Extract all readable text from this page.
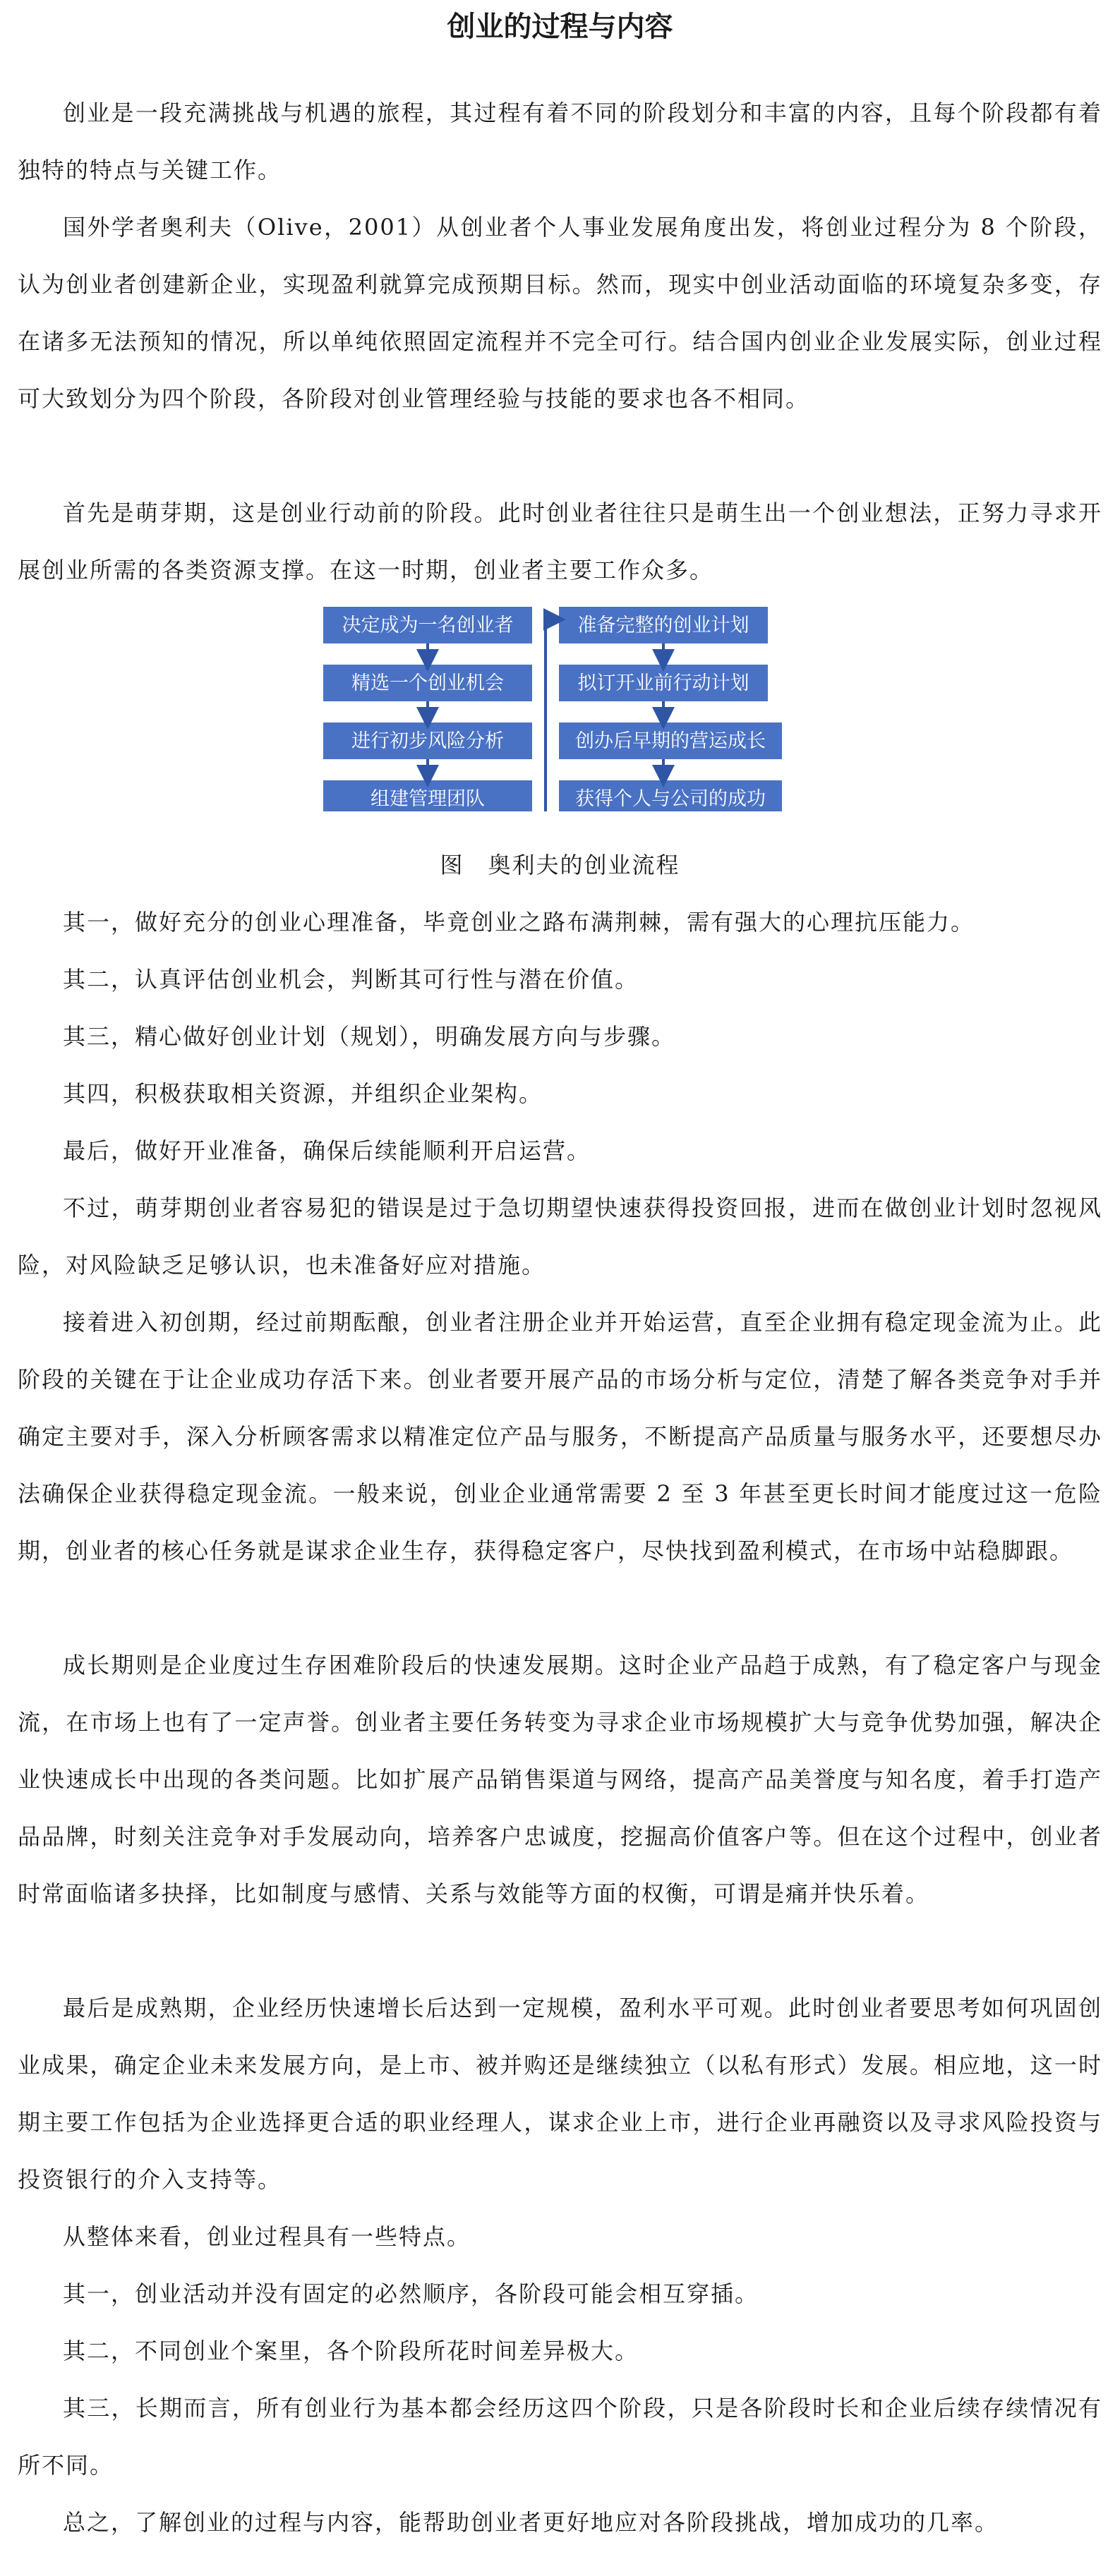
创业的过程与内容

创业是一段充满挑战与机遇的旅程，其过程有着不同的阶段划分和丰富的内容，且每个阶段都有着独特的特点与关键工作。

国外学者奥利夫（Olive，2001）从创业者个人事业发展角度出发，将创业过程分为 8 个阶段，认为创业者创建新企业，实现盈利就算完成预期目标。然而，现实中创业活动面临的环境复杂多变，存在诸多无法预知的情况，所以单纯依照固定流程并不完全可行。结合国内创业企业发展实际，创业过程可大致划分为四个阶段，各阶段对创业管理经验与技能的要求也各不相同。

首先是萌芽期，这是创业行动前的阶段。此时创业者往往只是萌生出一个创业想法，正努力寻求开展创业所需的各类资源支撑。在这一时期，创业者主要工作众多。

决定成为一名创业者
精选一个创业机会
进行初步风险分析
组建管理团队
准备完整的创业计划
拟订开业前行动计划
创办后早期的营运成长
获得个人与公司的成功

图　奥利夫的创业流程

其一，做好充分的创业心理准备，毕竟创业之路布满荆棘，需有强大的心理抗压能力。

其二，认真评估创业机会，判断其可行性与潜在价值。

其三，精心做好创业计划（规划），明确发展方向与步骤。

其四，积极获取相关资源，并组织企业架构。

最后，做好开业准备，确保后续能顺利开启运营。

不过，萌芽期创业者容易犯的错误是过于急切期望快速获得投资回报，进而在做创业计划时忽视风险，对风险缺乏足够认识，也未准备好应对措施。

接着进入初创期，经过前期酝酿，创业者注册企业并开始运营，直至企业拥有稳定现金流为止。此阶段的关键在于让企业成功存活下来。创业者要开展产品的市场分析与定位，清楚了解各类竞争对手并确定主要对手，深入分析顾客需求以精准定位产品与服务，不断提高产品质量与服务水平，还要想尽办法确保企业获得稳定现金流。一般来说，创业企业通常需要 2 至 3 年甚至更长时间才能度过这一危险期，创业者的核心任务就是谋求企业生存，获得稳定客户，尽快找到盈利模式，在市场中站稳脚跟。

成长期则是企业度过生存困难阶段后的快速发展期。这时企业产品趋于成熟，有了稳定客户与现金流，在市场上也有了一定声誉。创业者主要任务转变为寻求企业市场规模扩大与竞争优势加强，解决企业快速成长中出现的各类问题。比如扩展产品销售渠道与网络，提高产品美誉度与知名度，着手打造产品品牌，时刻关注竞争对手发展动向，培养客户忠诚度，挖掘高价值客户等。但在这个过程中，创业者时常面临诸多抉择，比如制度与感情、关系与效能等方面的权衡，可谓是痛并快乐着。

最后是成熟期，企业经历快速增长后达到一定规模，盈利水平可观。此时创业者要思考如何巩固创业成果，确定企业未来发展方向，是上市、被并购还是继续独立（以私有形式）发展。相应地，这一时期主要工作包括为企业选择更合适的职业经理人，谋求企业上市，进行企业再融资以及寻求风险投资与投资银行的介入支持等。

从整体来看，创业过程具有一些特点。

其一，创业活动并没有固定的必然顺序，各阶段可能会相互穿插。

其二，不同创业个案里，各个阶段所花时间差异极大。

其三，长期而言，所有创业行为基本都会经历这四个阶段，只是各阶段时长和企业后续存续情况有所不同。

总之，了解创业的过程与内容，能帮助创业者更好地应对各阶段挑战，增加成功的几率。
